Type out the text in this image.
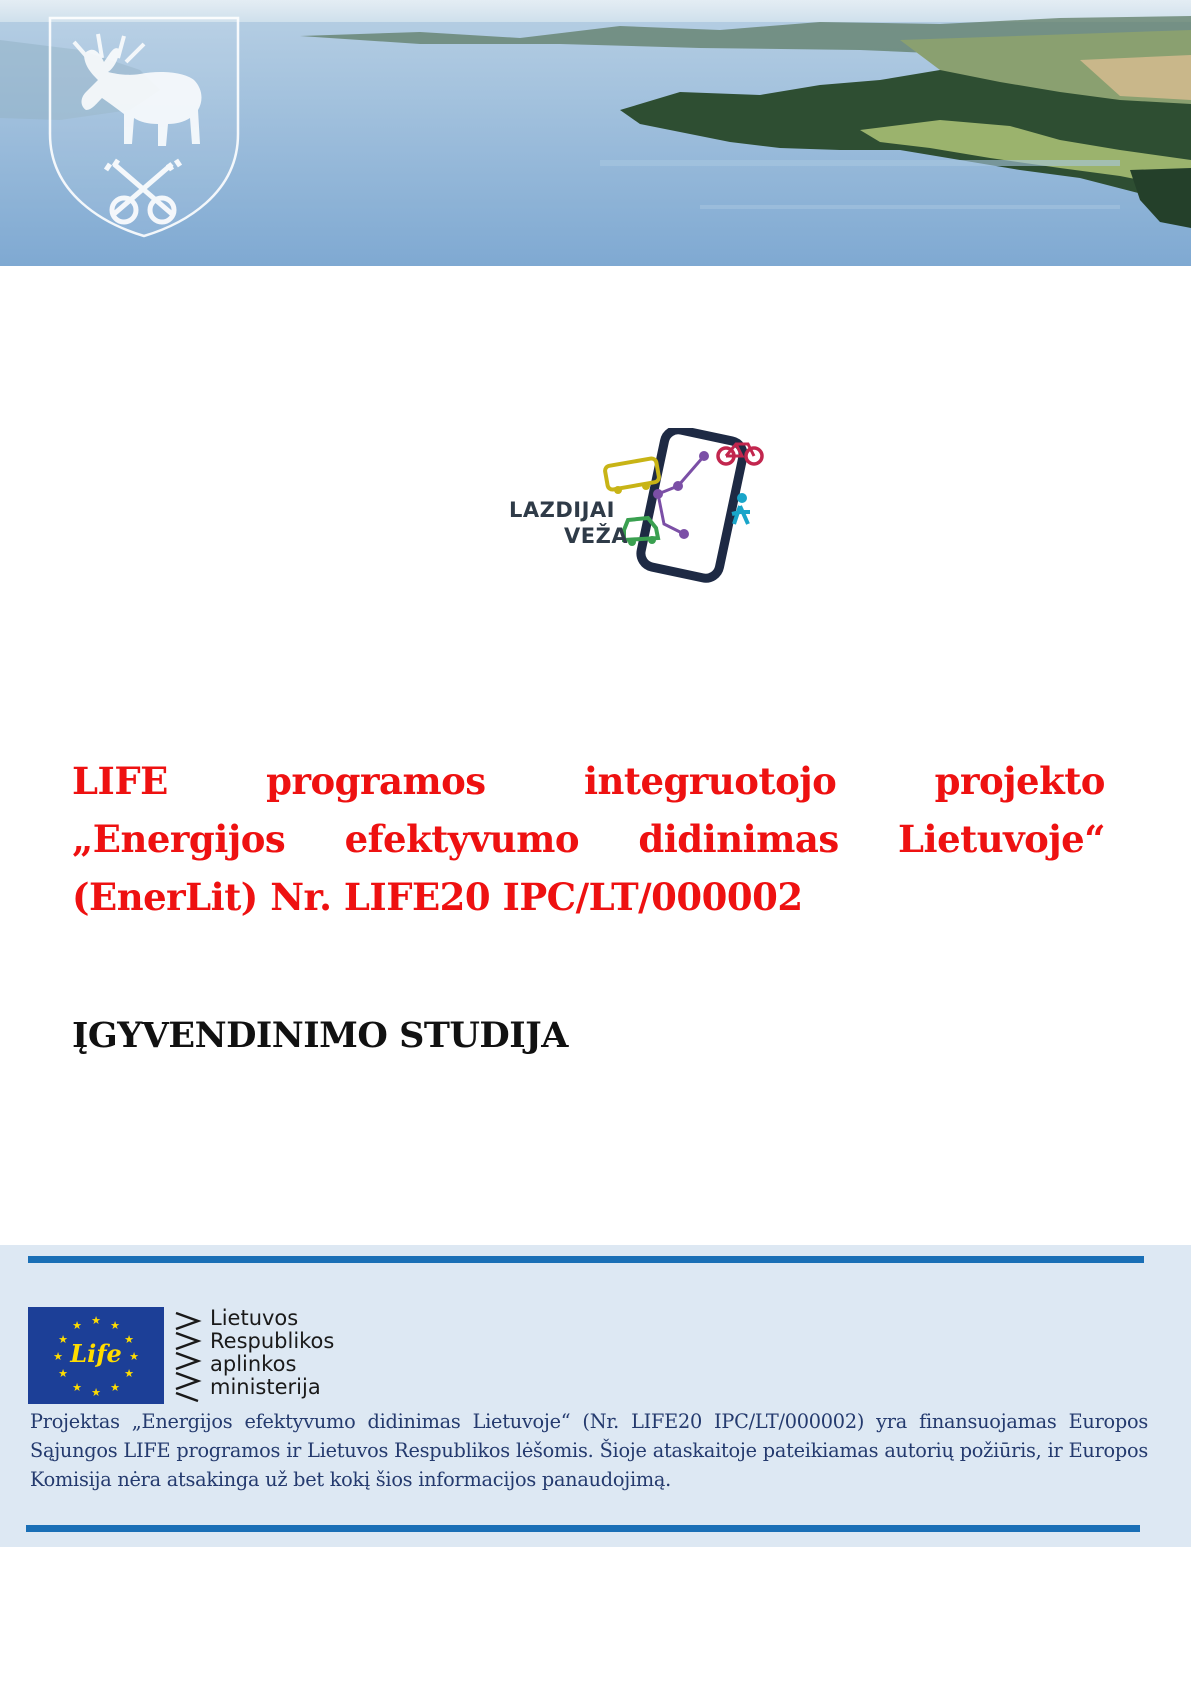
LAZDIJAI
VEŽA
LIFE programos integruotojo projekto
„Energijos efektyvumo didinimas Lietuvoje“
(EnerLit) Nr. LIFE20 IPC/LT/000002
ĮGYVENDINIMO STUDIJA
★ ★
★
★
★
★
★
★
★
★
★
★
Life
Lietuvos
Respublikos
aplinkos
ministerija
Projektas „Energijos efektyvumo didinimas Lietuvoje“ (Nr. LIFE20 IPC/LT/000002) yra finansuojamas Europos Sąjungos LIFE programos ir Lietuvos Respublikos lėšomis. Šioje ataskaitoje pateikiamas autorių požiūris, ir Europos Komisija nėra atsakinga už bet kokį šios informacijos panaudojimą.
